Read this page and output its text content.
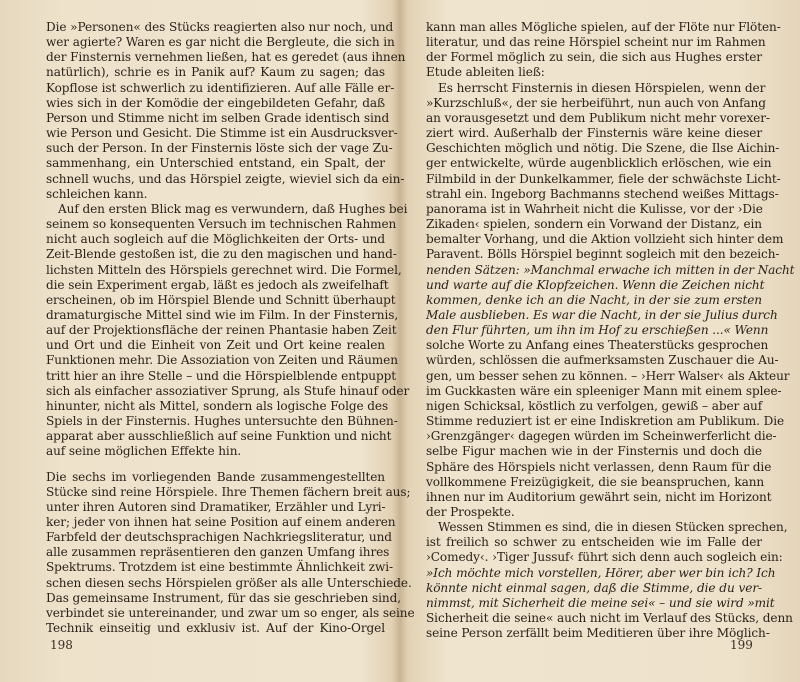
Die »Personen« des Stücks reagierten also nur noch, und
wer agierte? Waren es gar nicht die Bergleute, die sich in
der Finsternis vernehmen ließen, hat es geredet (aus ihnen
natürlich), schrie es in Panik auf? Kaum zu sagen; das
Kopflose ist schwerlich zu identifizieren. Auf alle Fälle er-
wies sich in der Komödie der eingebildeten Gefahr, daß
Person und Stimme nicht im selben Grade identisch sind
wie Person und Gesicht. Die Stimme ist ein Ausdrucksver-
such der Person. In der Finsternis löste sich der vage Zu-
sammenhang, ein Unterschied entstand, ein Spalt, der
schnell wuchs, und das Hörspiel zeigte, wieviel sich da ein-
schleichen kann.

Auf den ersten Blick mag es verwundern, daß Hughes bei
seinem so konsequenten Versuch im technischen Rahmen
nicht auch sogleich auf die Möglichkeiten der Orts- und
Zeit-Blende gestoßen ist, die zu den magischen und hand-
lichsten Mitteln des Hörspiels gerechnet wird. Die Formel,
die sein Experiment ergab, läßt es jedoch als zweifelhaft
erscheinen, ob im Hörspiel Blende und Schnitt überhaupt
dramaturgische Mittel sind wie im Film. In der Finsternis,
auf der Projektionsfläche der reinen Phantasie haben Zeit
und Ort und die Einheit von Zeit und Ort keine realen
Funktionen mehr. Die Assoziation von Zeiten und Räumen
tritt hier an ihre Stelle – und die Hörspielblende entpuppt
sich als einfacher assoziativer Sprung, als Stufe hinauf oder
hinunter, nicht als Mittel, sondern als logische Folge des
Spiels in der Finsternis. Hughes untersuchte den Bühnen-
apparat aber ausschließlich auf seine Funktion und nicht
auf seine möglichen Effekte hin.

Die sechs im vorliegenden Bande zusammengestellten
Stücke sind reine Hörspiele. Ihre Themen fächern breit aus;
unter ihren Autoren sind Dramatiker, Erzähler und Lyri-
ker; jeder von ihnen hat seine Position auf einem anderen
Farbfeld der deutschsprachigen Nachkriegsliteratur, und
alle zusammen repräsentieren den ganzen Umfang ihres
Spektrums. Trotzdem ist eine bestimmte Ähnlichkeit zwi-
schen diesen sechs Hörspielen größer als alle Unterschiede.
Das gemeinsame Instrument, für das sie geschrieben sind,
verbindet sie untereinander, und zwar um so enger, als seine
Technik einseitig und exklusiv ist. Auf der Kino-Orgel

198

kann man alles Mögliche spielen, auf der Flöte nur Flöten-
literatur, und das reine Hörspiel scheint nur im Rahmen
der Formel möglich zu sein, die sich aus Hughes erster
Etude ableiten ließ:

Es herrscht Finsternis in diesen Hörspielen, wenn der
»Kurzschluß«, der sie herbeiführt, nun auch von Anfang
an vorausgesetzt und dem Publikum nicht mehr vorexer-
ziert wird. Außerhalb der Finsternis wäre keine dieser
Geschichten möglich und nötig. Die Szene, die Ilse Aichin-
ger entwickelte, würde augenblicklich erlöschen, wie ein
Filmbild in der Dunkelkammer, fiele der schwächste Licht-
strahl ein. Ingeborg Bachmanns stechend weißes Mittags-
panorama ist in Wahrheit nicht die Kulisse, vor der ›Die
Zikaden‹ spielen, sondern ein Vorwand der Distanz, ein
bemalter Vorhang, und die Aktion vollzieht sich hinter dem
Paravent. Bölls Hörspiel beginnt sogleich mit den bezeich-
nenden Sätzen: »Manchmal erwache ich mitten in der Nacht
und warte auf die Klopfzeichen. Wenn die Zeichen nicht
kommen, denke ich an die Nacht, in der sie zum ersten
Male ausblieben. Es war die Nacht, in der sie Julius durch
den Flur führten, um ihn im Hof zu erschießen ...« Wenn
solche Worte zu Anfang eines Theaterstücks gesprochen
würden, schlössen die aufmerksamsten Zuschauer die Au-
gen, um besser sehen zu können. – ›Herr Walser‹ als Akteur
im Guckkasten wäre ein spleeniger Mann mit einem splee-
nigen Schicksal, köstlich zu verfolgen, gewiß – aber auf
Stimme reduziert ist er eine Indiskretion am Publikum. Die
›Grenzgänger‹ dagegen würden im Scheinwerferlicht die-
selbe Figur machen wie in der Finsternis und doch die
Sphäre des Hörspiels nicht verlassen, denn Raum für die
vollkommene Freizügigkeit, die sie beanspruchen, kann
ihnen nur im Auditorium gewährt sein, nicht im Horizont
der Prospekte.

Wessen Stimmen es sind, die in diesen Stücken sprechen,
ist freilich so schwer zu entscheiden wie im Falle der
›Comedy‹. ›Tiger Jussuf‹ führt sich denn auch sogleich ein:
»Ich möchte mich vorstellen, Hörer, aber wer bin ich? Ich
könnte nicht einmal sagen, daß die Stimme, die du ver-
nimmst, mit Sicherheit die meine sei« – und sie wird »mit
Sicherheit die seine« auch nicht im Verlauf des Stücks, denn
seine Person zerfällt beim Meditieren über ihre Möglich-

199
